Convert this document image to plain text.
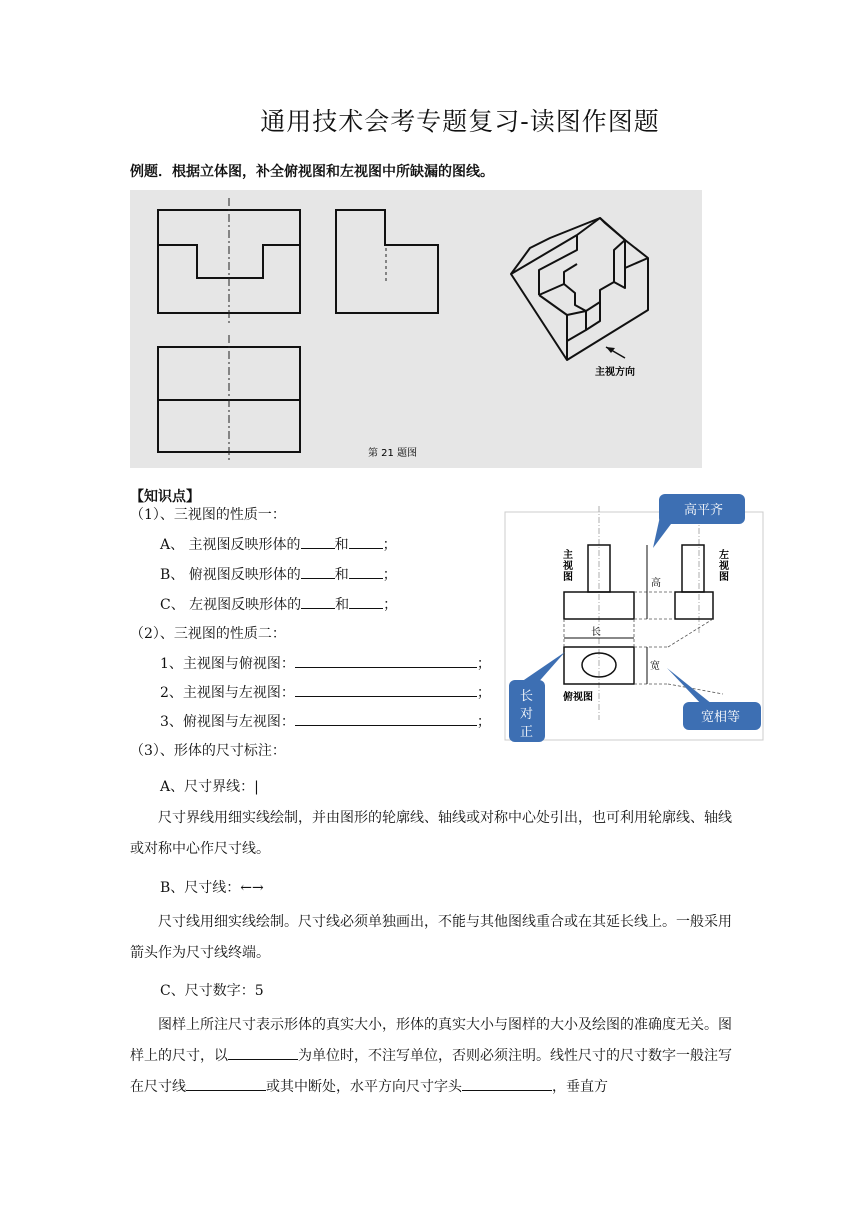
通用技术会考专题复习-读图作图题
例题．根据立体图，补全俯视图和左视图中所缺漏的图线。
主视方向
第 21 题图
【知识点】
（1）、三视图的性质一：
A、 主视图反映形体的 和 ；
B、 俯视图反映形体的 和 ；
C、 左视图反映形体的 和 ；
（2）、三视图的性质二：
1、主视图与俯视图：	；
2、主视图与左视图：	；
3、俯视图与左视图：	；
（3）、形体的尺寸标注：
A、尺寸界线：|
尺寸界线用细实线绘制，并由图形的轮廓线、轴线或对称中心处引出，也可利用轮廓线、轴线或对称中心作尺寸线。
B、尺寸线：←→
尺寸线用细实线绘制。尺寸线必须单独画出，不能与其他图线重合或在其延长线上。一般采用箭头作为尺寸线终端。
C、尺寸数字：5
图样上所注尺寸表示形体的真实大小，形体的真实大小与图样的大小及绘图的准确度无关。图样上的尺寸，以	为单位时，不注写单位，否则必须注明。线性尺寸的尺寸数字一般注写在尺寸线	或其中断处，水平方向尺寸字头	，垂直方
高
长
宽
主
视
图
左
视
图
俯视图
高平齐
长
对
正
宽相等
